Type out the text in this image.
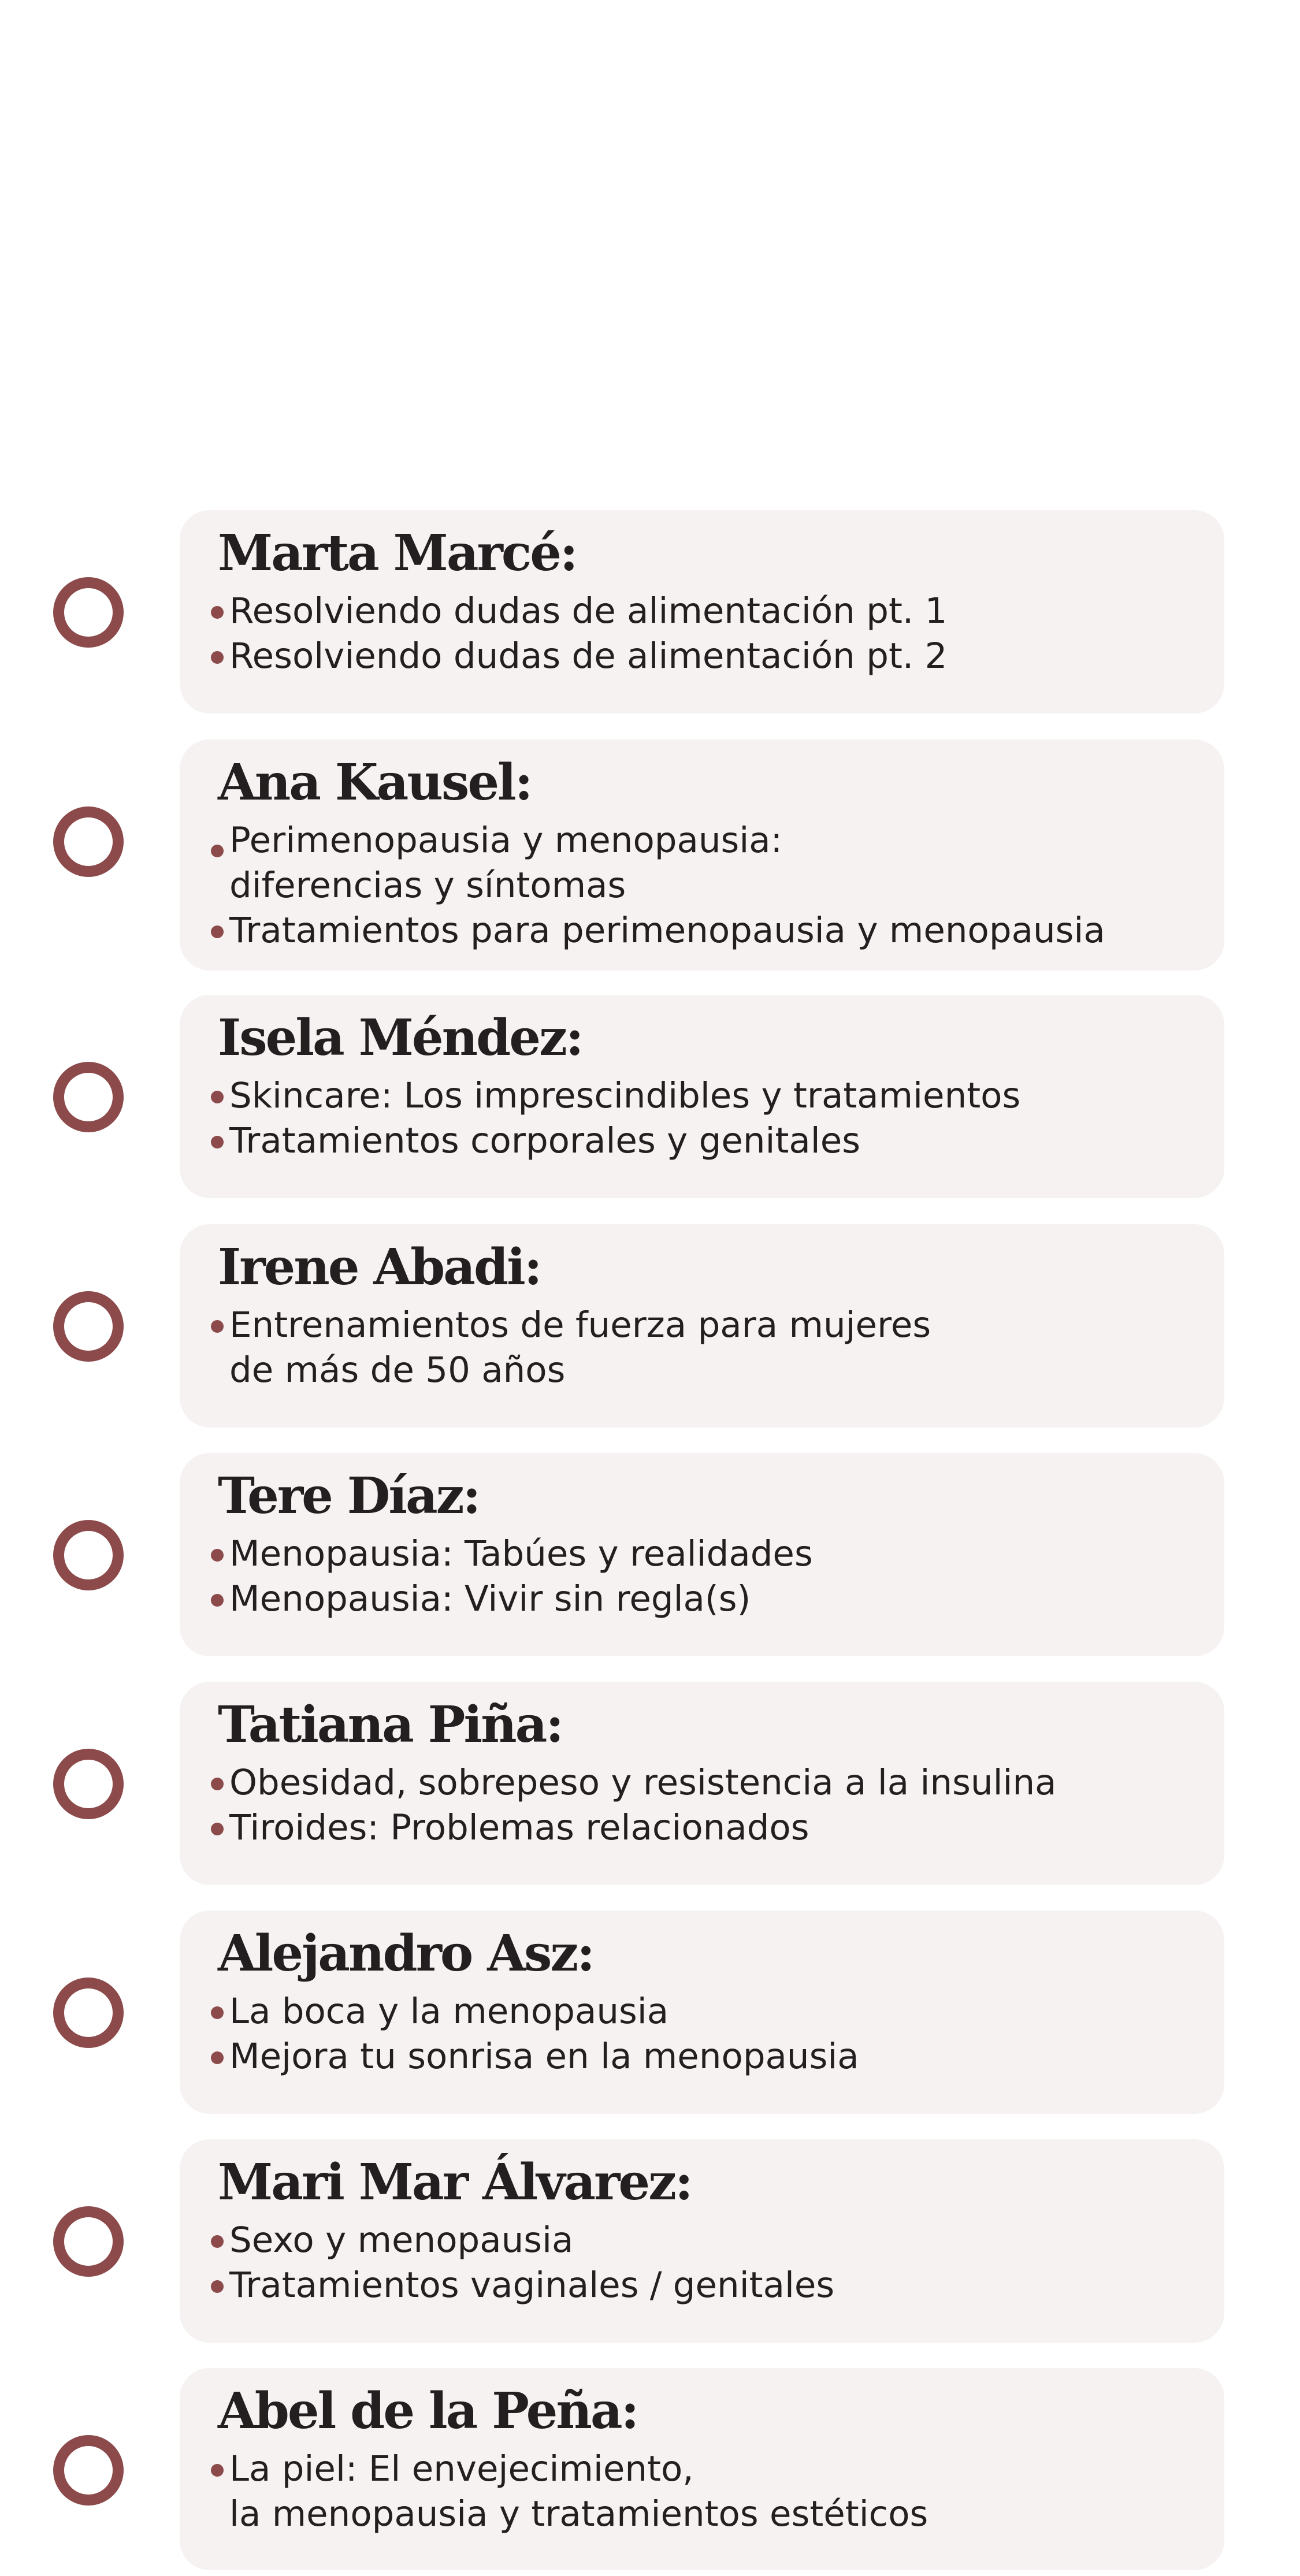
Marta Marcé:
Resolviendo dudas de alimentación pt. 1
Resolviendo dudas de alimentación pt. 2
Ana Kausel:
Perimenopausia y menopausia:
diferencias y síntomas
Tratamientos para perimenopausia y menopausia
Isela Méndez:
Skincare: Los imprescindibles y tratamientos
Tratamientos corporales y genitales
Irene Abadi:
Entrenamientos de fuerza para mujeres
de más de 50 años
Tere Díaz:
Menopausia: Tabúes y realidades
Menopausia: Vivir sin regla(s)
Tatiana Piña:
Obesidad, sobrepeso y resistencia a la insulina
Tiroides: Problemas relacionados
Alejandro Asz:
La boca y la menopausia
Mejora tu sonrisa en la menopausia
Mari Mar Álvarez:
Sexo y menopausia
Tratamientos vaginales / genitales
Abel de la Peña:
La piel: El envejecimiento,
la menopausia y tratamientos estéticos
